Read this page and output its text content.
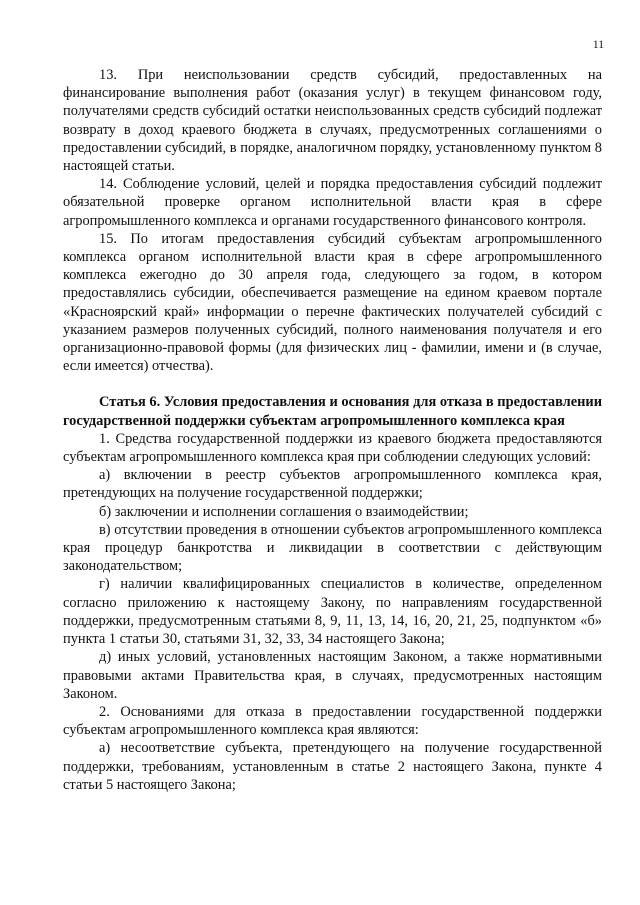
11

13. При неиспользовании средств субсидий, предоставленных на финансирование выполнения работ (оказания услуг) в текущем финансовом году, получателями средств субсидий остатки неиспользованных средств субсидий подлежат возврату в доход краевого бюджета в случаях, предусмотренных соглашениями о предоставлении субсидий, в порядке, аналогичном порядку, установленному пунктом 8 настоящей статьи.

14. Соблюдение условий, целей и порядка предоставления субсидий подлежит обязательной проверке органом исполнительной власти края в сфере агропромышленного комплекса и органами государственного финансового контроля.

15. По итогам предоставления субсидий субъектам агропромышленного комплекса органом исполнительной власти края в сфере агропромышленного комплекса ежегодно до 30 апреля года, следующего за годом, в котором предоставлялись субсидии, обеспечивается размещение на едином краевом портале «Красноярский край» информации о перечне фактических получателей субсидий с указанием размеров полученных субсидий, полного наименования получателя и его организационно-правовой формы (для физических лиц - фамилии, имени и (в случае, если имеется) отчества).

Статья 6. Условия предоставления и основания для отказа в предоставлении государственной поддержки субъектам агропромышленного комплекса края

1. Средства государственной поддержки из краевого бюджета предоставляются субъектам агропромышленного комплекса края при соблюдении следующих условий:

а) включении в реестр субъектов агропромышленного комплекса края, претендующих на получение государственной поддержки;

б) заключении и исполнении соглашения о взаимодействии;

в) отсутствии проведения в отношении субъектов агропромышленного комплекса края процедур банкротства и ликвидации в соответствии с действующим законодательством;

г) наличии квалифицированных специалистов в количестве, определенном согласно приложению к настоящему Закону, по направлениям государственной поддержки, предусмотренным статьями 8, 9, 11, 13, 14, 16, 20, 21, 25, подпунктом «б» пункта 1 статьи 30, статьями 31, 32, 33, 34 настоящего Закона;

д) иных условий, установленных настоящим Законом, а также нормативными правовыми актами Правительства края, в случаях, предусмотренных настоящим Законом.

2. Основаниями для отказа в предоставлении государственной поддержки субъектам агропромышленного комплекса края являются:

а) несоответствие субъекта, претендующего на получение государственной поддержки, требованиям, установленным в статье 2 настоящего Закона, пункте 4 статьи 5 настоящего Закона;
